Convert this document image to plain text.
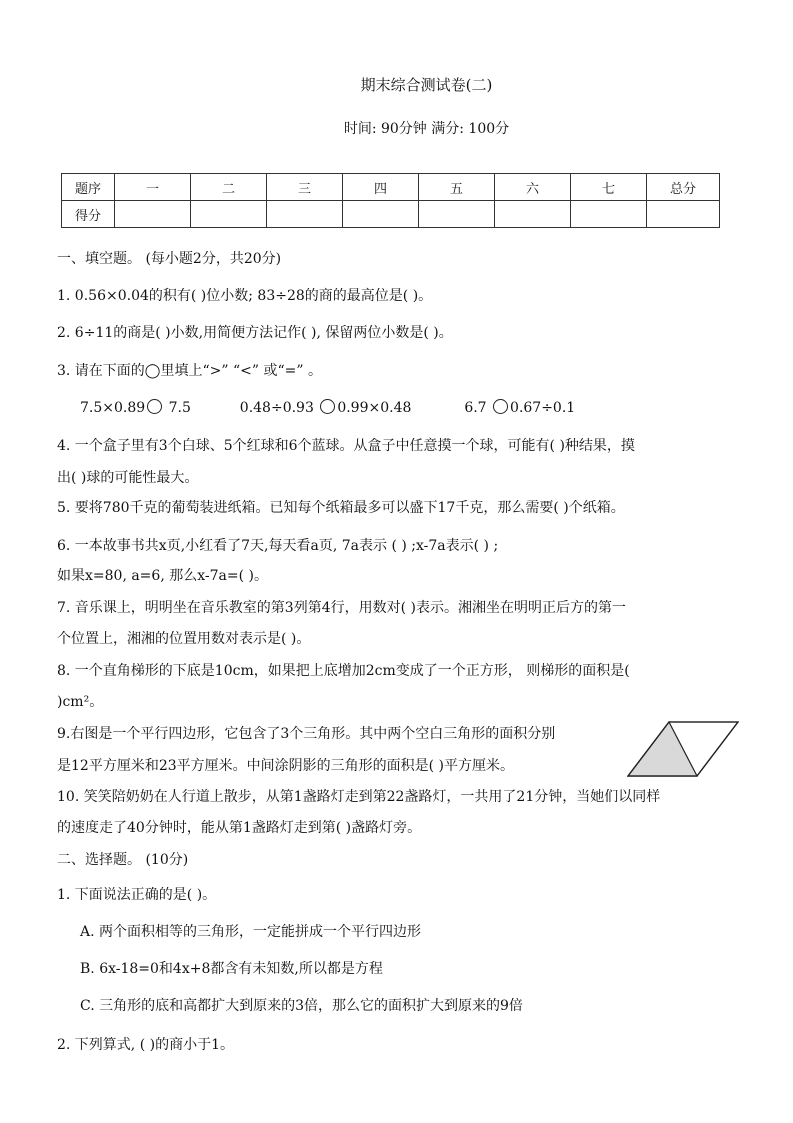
期末综合测试卷(二)
时间: 90分钟 满分: 100分
题序	一	二	三	四	五	六	七	总分
得分								
一、填空题。 (每小题2分，共20分)
1. 0.56×0.04的积有( )位小数; 83÷28的商的最高位是( )。
2. 6÷11的商是( )小数,用简便方法记作( ), 保留两位小数是( )。
3. 请在下面的◯里填上“>” “<” 或“=” 。
7.5×0.89 7.5	0.48÷0.93 0.99×0.48	6.7 0.67÷0.1
4. 一个盒子里有3个白球、5个红球和6个蓝球。从盒子中任意摸一个球，可能有( )种结果，摸
出( )球的可能性最大。
5. 要将780千克的葡萄装进纸箱。已知每个纸箱最多可以盛下17千克，那么需要( )个纸箱。
6. 一本故事书共x页,小红看了7天,每天看a页, 7a表示 ( ) ;x-7a表示( ) ;
如果x=80, a=6, 那么x-7a=( )。
7. 音乐课上，明明坐在音乐教室的第3列第4行，用数对( )表示。湘湘坐在明明正后方的第一
个位置上，湘湘的位置用数对表示是( )。
8. 一个直角梯形的下底是10cm，如果把上底增加2cm变成了一个正方形， 则梯形的面积是(
)cm²。
9.右图是一个平行四边形，它包含了3个三角形。其中两个空白三角形的面积分别
是12平方厘米和23平方厘米。中间涂阴影的三角形的面积是( )平方厘米。
10. 笑笑陪奶奶在人行道上散步，从第1盏路灯走到第22盏路灯，一共用了21分钟，当她们以同样
的速度走了40分钟时，能从第1盏路灯走到第( )盏路灯旁。
二、选择题。 (10分)
1. 下面说法正确的是( )。
A. 两个面积相等的三角形，一定能拼成一个平行四边形
B. 6x-18=0和4x+8都含有未知数,所以都是方程
C. 三角形的底和高都扩大到原来的3倍，那么它的面积扩大到原来的9倍
2. 下列算式, ( )的商小于1。
